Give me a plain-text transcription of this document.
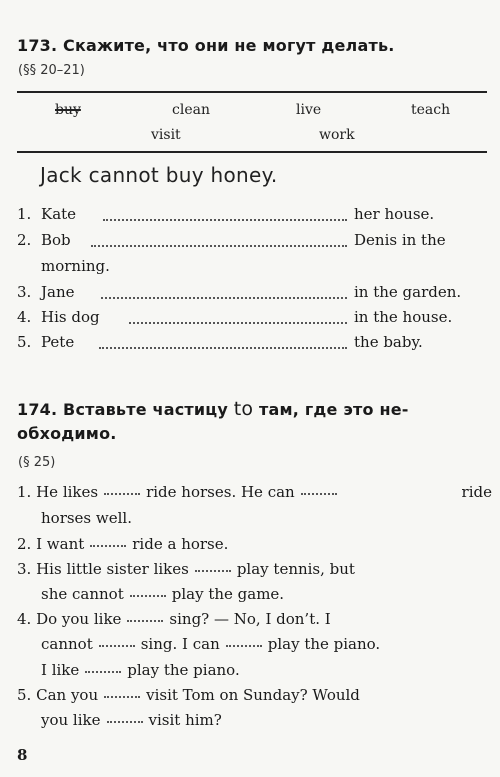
173. Скажите, что они не могут делать.
(§§ 20–21)
buy	clean	live	teach
visit	work
Jack cannot buy honey.
1. Kate	her house.
2. Bob	Denis in the
morning.
3. Jane	in the garden.
4. His dog	in the house.
5. Pete	the baby.
174. Вставьте частицу to там, где это не-
обходимо.
(§ 25)
1. He likes	ride horses. He can	ride
horses well.
2. I want	ride a horse.
3. His little sister likes	play tennis, but
she cannot	play the game.
4. Do you like	sing? — No, I don’t. I
cannot	sing. I can	play the piano.
I like	play the piano.
5. Can you	visit Tom on Sunday? Would
you like	visit him?
8
